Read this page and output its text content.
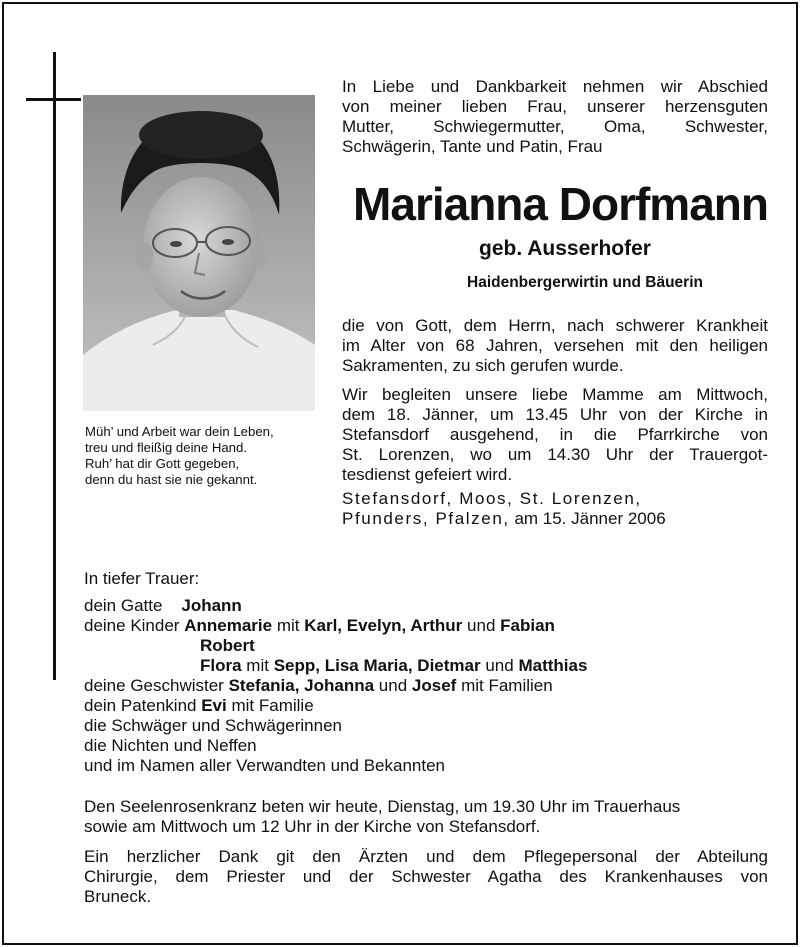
Müh’ und Arbeit war dein Leben,
treu und fleißig deine Hand.
Ruh’ hat dir Gott gegeben,
denn du hast sie nie gekannt.
In Liebe und Dankbarkeit nehmen wir Abschied
von meiner lieben Frau, unserer herzensguten
Mutter, Schwiegermutter, Oma, Schwester,
Schwägerin, Tante und Patin, Frau
Marianna Dorfmann
geb. Ausserhofer
Haidenbergerwirtin und Bäuerin
die von Gott, dem Herrn, nach schwerer Krankheit
im Alter von 68 Jahren, versehen mit den heiligen
Sakramenten, zu sich gerufen wurde.
Wir begleiten unsere liebe Mamme am Mittwoch,
dem 18. Jänner, um 13.45 Uhr von der Kirche in
Stefansdorf ausgehend, in die Pfarrkirche von
St. Lorenzen, wo um 14.30 Uhr der Trauergot-
tesdienst gefeiert wird.
Stefansdorf, Moos, St. Lorenzen,
Pfunders, Pfalzen, am 15. Jänner 2006
In tiefer Trauer:
dein Gatte Johann
deine Kinder Annemarie mit Karl, Evelyn, Arthur und Fabian
Robert
Flora mit Sepp, Lisa Maria, Dietmar und Matthias
deine Geschwister Stefania, Johanna und Josef mit Familien
dein Patenkind Evi mit Familie
die Schwäger und Schwägerinnen
die Nichten und Neffen
und im Namen aller Verwandten und Bekannten
Den Seelenrosenkranz beten wir heute, Dienstag, um 19.30 Uhr im Trauerhaus
sowie am Mittwoch um 12 Uhr in der Kirche von Stefansdorf.
Ein herzlicher Dank git den Ärzten und dem Pflegepersonal der Abteilung
Chirurgie, dem Priester und der Schwester Agatha des Krankenhauses von
Bruneck.
